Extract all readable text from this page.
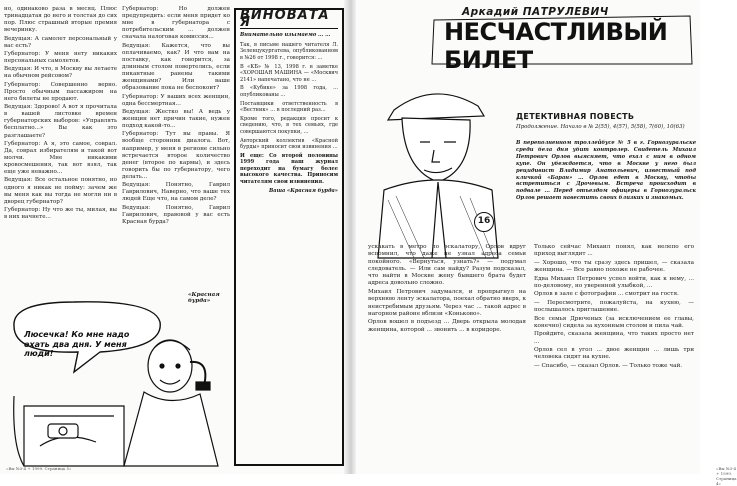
но, одинаково раза в месяц. Плюс тринадцатая до него и толстая до сих пор. Плюс страшный вторые премия вечеринку.

Ведущая: А самолет персональный у вас есть?

Губернатор: У меня нету никаких персональных самолетов.

Ведущая: И что, в Москву вы летаете на обычном рейсовом?

Губернатор: Совершенно верно. Просто обычным пассажиром на него билеты не продают.

Ведущая: Здорово! А вот я прочитала в вашей листовке времен губернаторских выборов: «Управлять бесплатно...» Вы как это разглашаете?

Губернатор: А я, это самое, соврал. Да, соврал избирателям и такой вот молчи. Мне никакими кровосмешения, так вот взял, так еще уже неважно...

Ведущая: Все остальное понятно, но одного я никак не пойму: зачем же вы меня как вы тогда не могли ни в дворец губернатор?

Губернатор: Ну что же ты, милая, вы в них начнете...

Губернатор: Но должен предупредить: если меня придет ко мне в губернатора с потребительским ... должен сначала налоговая комиссия...

Ведущая: Кажется, что вы оплачиваемо, как? И что вам на поставку, как говорится, за длинным столом повертелись, если пикантные ранены такими женщинами? Или ваше образование пока не беспокоит?

Губернатор: У ваших всех женщин, одна бессмертная...

Ведущая: Жестко вы! А ведь у женщин нет причин такие, нужен подход какой-то...

Губернатор: Тут вы правы. Я вообще сторонник диалога. Вот, например, у меня в регионе сильно встречается второе количество денег (второе по кармы), и здесь говорить бы по губернатору, чего делать...

Ведущая: Понятно, Гаврил Гаврилович, Наверно, что ваше тех людей Еще что, на самом деле?

Ведущая: Понятно, Гаврил Гаврилович, правовой у вас есть Красная бурда?

«Красная бурда»
Люсечка! Ко мне надо ехать два дня. У меня люди!
ВИНОВАТА Я
Внимательно изымаемо ... ...

Так, в письме нашего читателя Л. Зеленцукургатева, опубликованном в №26 от 1998 г., говорится: ...

В «КБ» № 13, 1998 г. в заметке «ХОРОШАЯ МАШИНА — «Москвич 2141» напечатано, что не ...

В «Кубике» за 1998 года, ... опубликованы ...

Поставщики ответственность в «Вестник» ... в последний раз...

Кроме того, редакция просит к сведению, что, в тех семьях, где совершаются покупки, ...

Авторский коллектив «Красной бурды» приносит свои извинения ...

И еще: Со второй половины 1999 года наш журнал переходит на бумагу более высокого качества. Приносим читателям свои извинения.

Ваша «Красная бурда»

«Вы №3-4 + 1999. Страница 5»
Аркадий ПАТРУЛЕВИЧ
НЕСЧАСТЛИВЫЙ БИЛЕТ
ДЕТЕКТИВНАЯ ПОВЕСТЬ
Продолжение. Начало в № 2(55), 4(57), 5(58), 7(60), 10(63)
В переполненном троллейбусе № 5 в г. Горнозуральске среди бела дня убит контролер. Свидетель Михаил Петрович Орлов выясняет, что ехал с ним в одном купе. Он убеждается, что в Москве у него был рецидивист Владимир Анатольевич, известный под кличкой «Баран» ... Орлов едет в Москву, чтобы встретиться с Дрочевым. Встреча происходит в подвале ... Перед отъездом офицеры в Горнозуральск Орлов решает навестить своих близких и знакомых.
16

ускакать в метро по эскалатору, Орлов вдруг вспомнил, что даже не узнал адреса семьи покойного. «Вернуться, узнать?» — подумал следователь. — Или сам найду? Разум подсказал, что найти в Москве жену бывшего брата будет адреса довольно сложно.

Михаил Петрович задумался, и пропрыгнул на верхнюю ленту эскалатора, поехал обратно вверх, к неистребимым друзьям. Через час ... такой адрес в нагорном районе вблизи «Коньково».

Орлов вошел в подъезд ... Дверь открыла молодая женщина, которой ... звонить ... в коридоре.

Только сейчас Михаил понял, как нелепо его приход выглядит ...

— Хорошо, что ты сразу здесь пришел, — сказала женщина. — Все равно похоже не рабочее.

Едва Михаил Петрович успел войти, как к нему, ... по-деловому, но уверенной улыбкой, ...

Орлов в зале с фотографии ... смотрит на гостя.

— Пересмотрите, пожалуйста, на кухню, — послышалось приглашение.

Все семья Дрюченых (за исключением ее главы, конечно) сидела за кухонным столом и пила чай.

Пройдите, сказала женщина, что таких просто нет ...

Орлов сел в угол ... двое женщин ... лишь три человека сидят на кухне.

— Спасибо, — сказал Орлов. — Только тоже чай.

«Вы №3-4 + 1999. Страница 4»
